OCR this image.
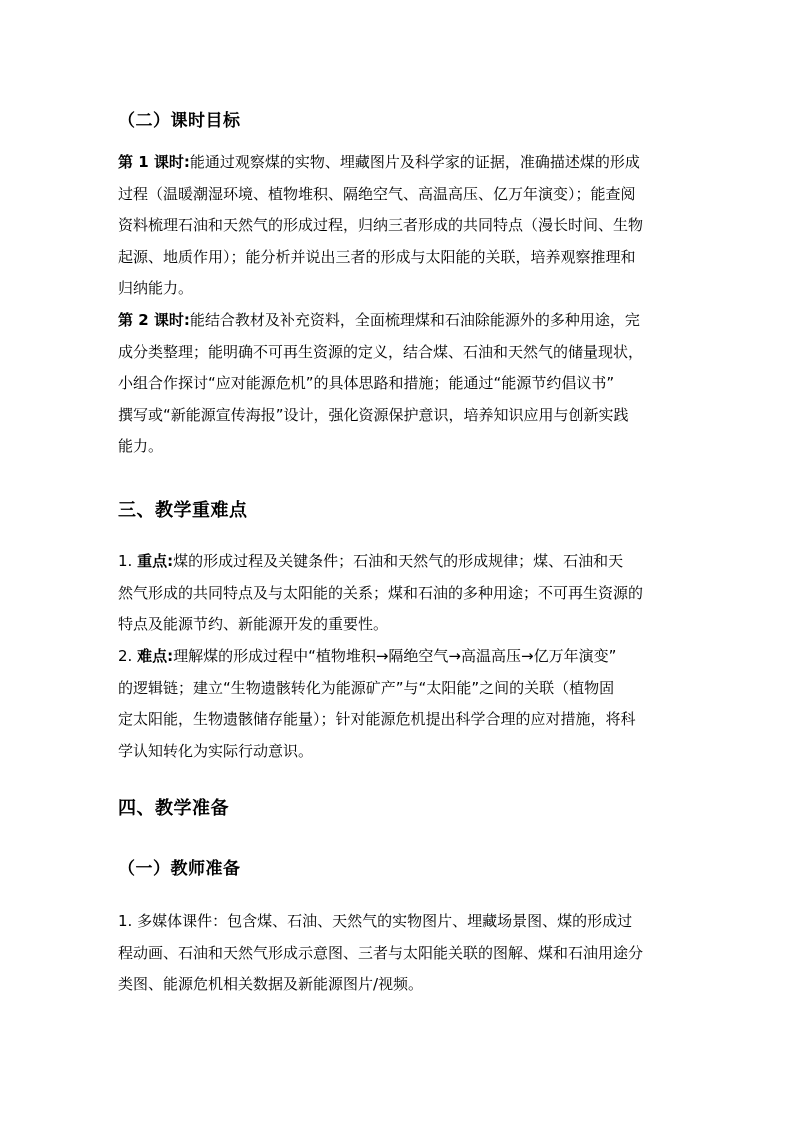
（二）课时目标
第 1 课时:能通过观察煤的实物、埋藏图片及科学家的证据，准确描述煤的形成
过程（温暖潮湿环境、植物堆积、隔绝空气、高温高压、亿万年演变）；能查阅
资料梳理石油和天然气的形成过程，归纳三者形成的共同特点（漫长时间、生物
起源、地质作用）；能分析并说出三者的形成与太阳能的关联，培养观察推理和
归纳能力。
第 2 课时:能结合教材及补充资料，全面梳理煤和石油除能源外的多种用途，完
成分类整理；能明确不可再生资源的定义，结合煤、石油和天然气的储量现状，
小组合作探讨“应对能源危机”的具体思路和措施；能通过“能源节约倡议书”
撰写或“新能源宣传海报”设计，强化资源保护意识，培养知识应用与创新实践
能力。
三、教学重难点
1. 重点:煤的形成过程及关键条件；石油和天然气的形成规律；煤、石油和天
然气形成的共同特点及与太阳能的关系；煤和石油的多种用途；不可再生资源的
特点及能源节约、新能源开发的重要性。
2. 难点:理解煤的形成过程中“植物堆积→隔绝空气→高温高压→亿万年演变”
的逻辑链；建立“生物遗骸转化为能源矿产”与“太阳能”之间的关联（植物固
定太阳能，生物遗骸储存能量）；针对能源危机提出科学合理的应对措施，将科
学认知转化为实际行动意识。
四、教学准备
（一）教师准备
1. 多媒体课件：包含煤、石油、天然气的实物图片、埋藏场景图、煤的形成过
程动画、石油和天然气形成示意图、三者与太阳能关联的图解、煤和石油用途分
类图、能源危机相关数据及新能源图片/视频。
